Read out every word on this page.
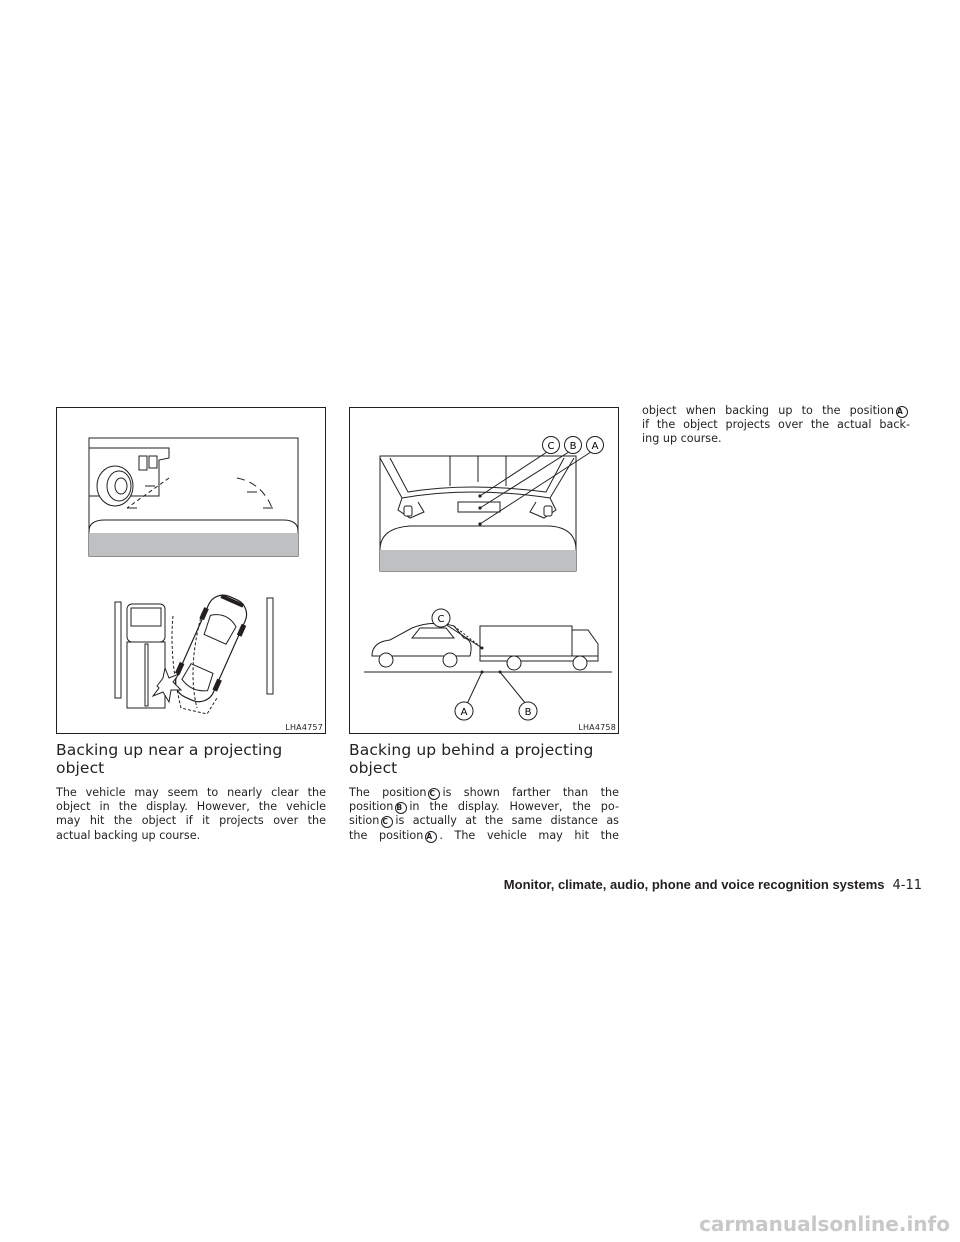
LHA4757
C B A
C
A	B
LHA4758
Backing up near a projecting
object

The vehicle may seem to nearly clear the
object in the display. However, the vehicle
may hit the object if it projects over the
actual backing up course.

Backing up behind a projecting
object

The position C is shown farther than the
position B in the display. However, the po-
sition C is actually at the same distance as
the position A . The vehicle may hit the

object when backing up to the position A
if the object projects over the actual back-
ing up course.

Monitor, climate, audio, phone and voice recognition systems 4-11
carmanualsonline.info
